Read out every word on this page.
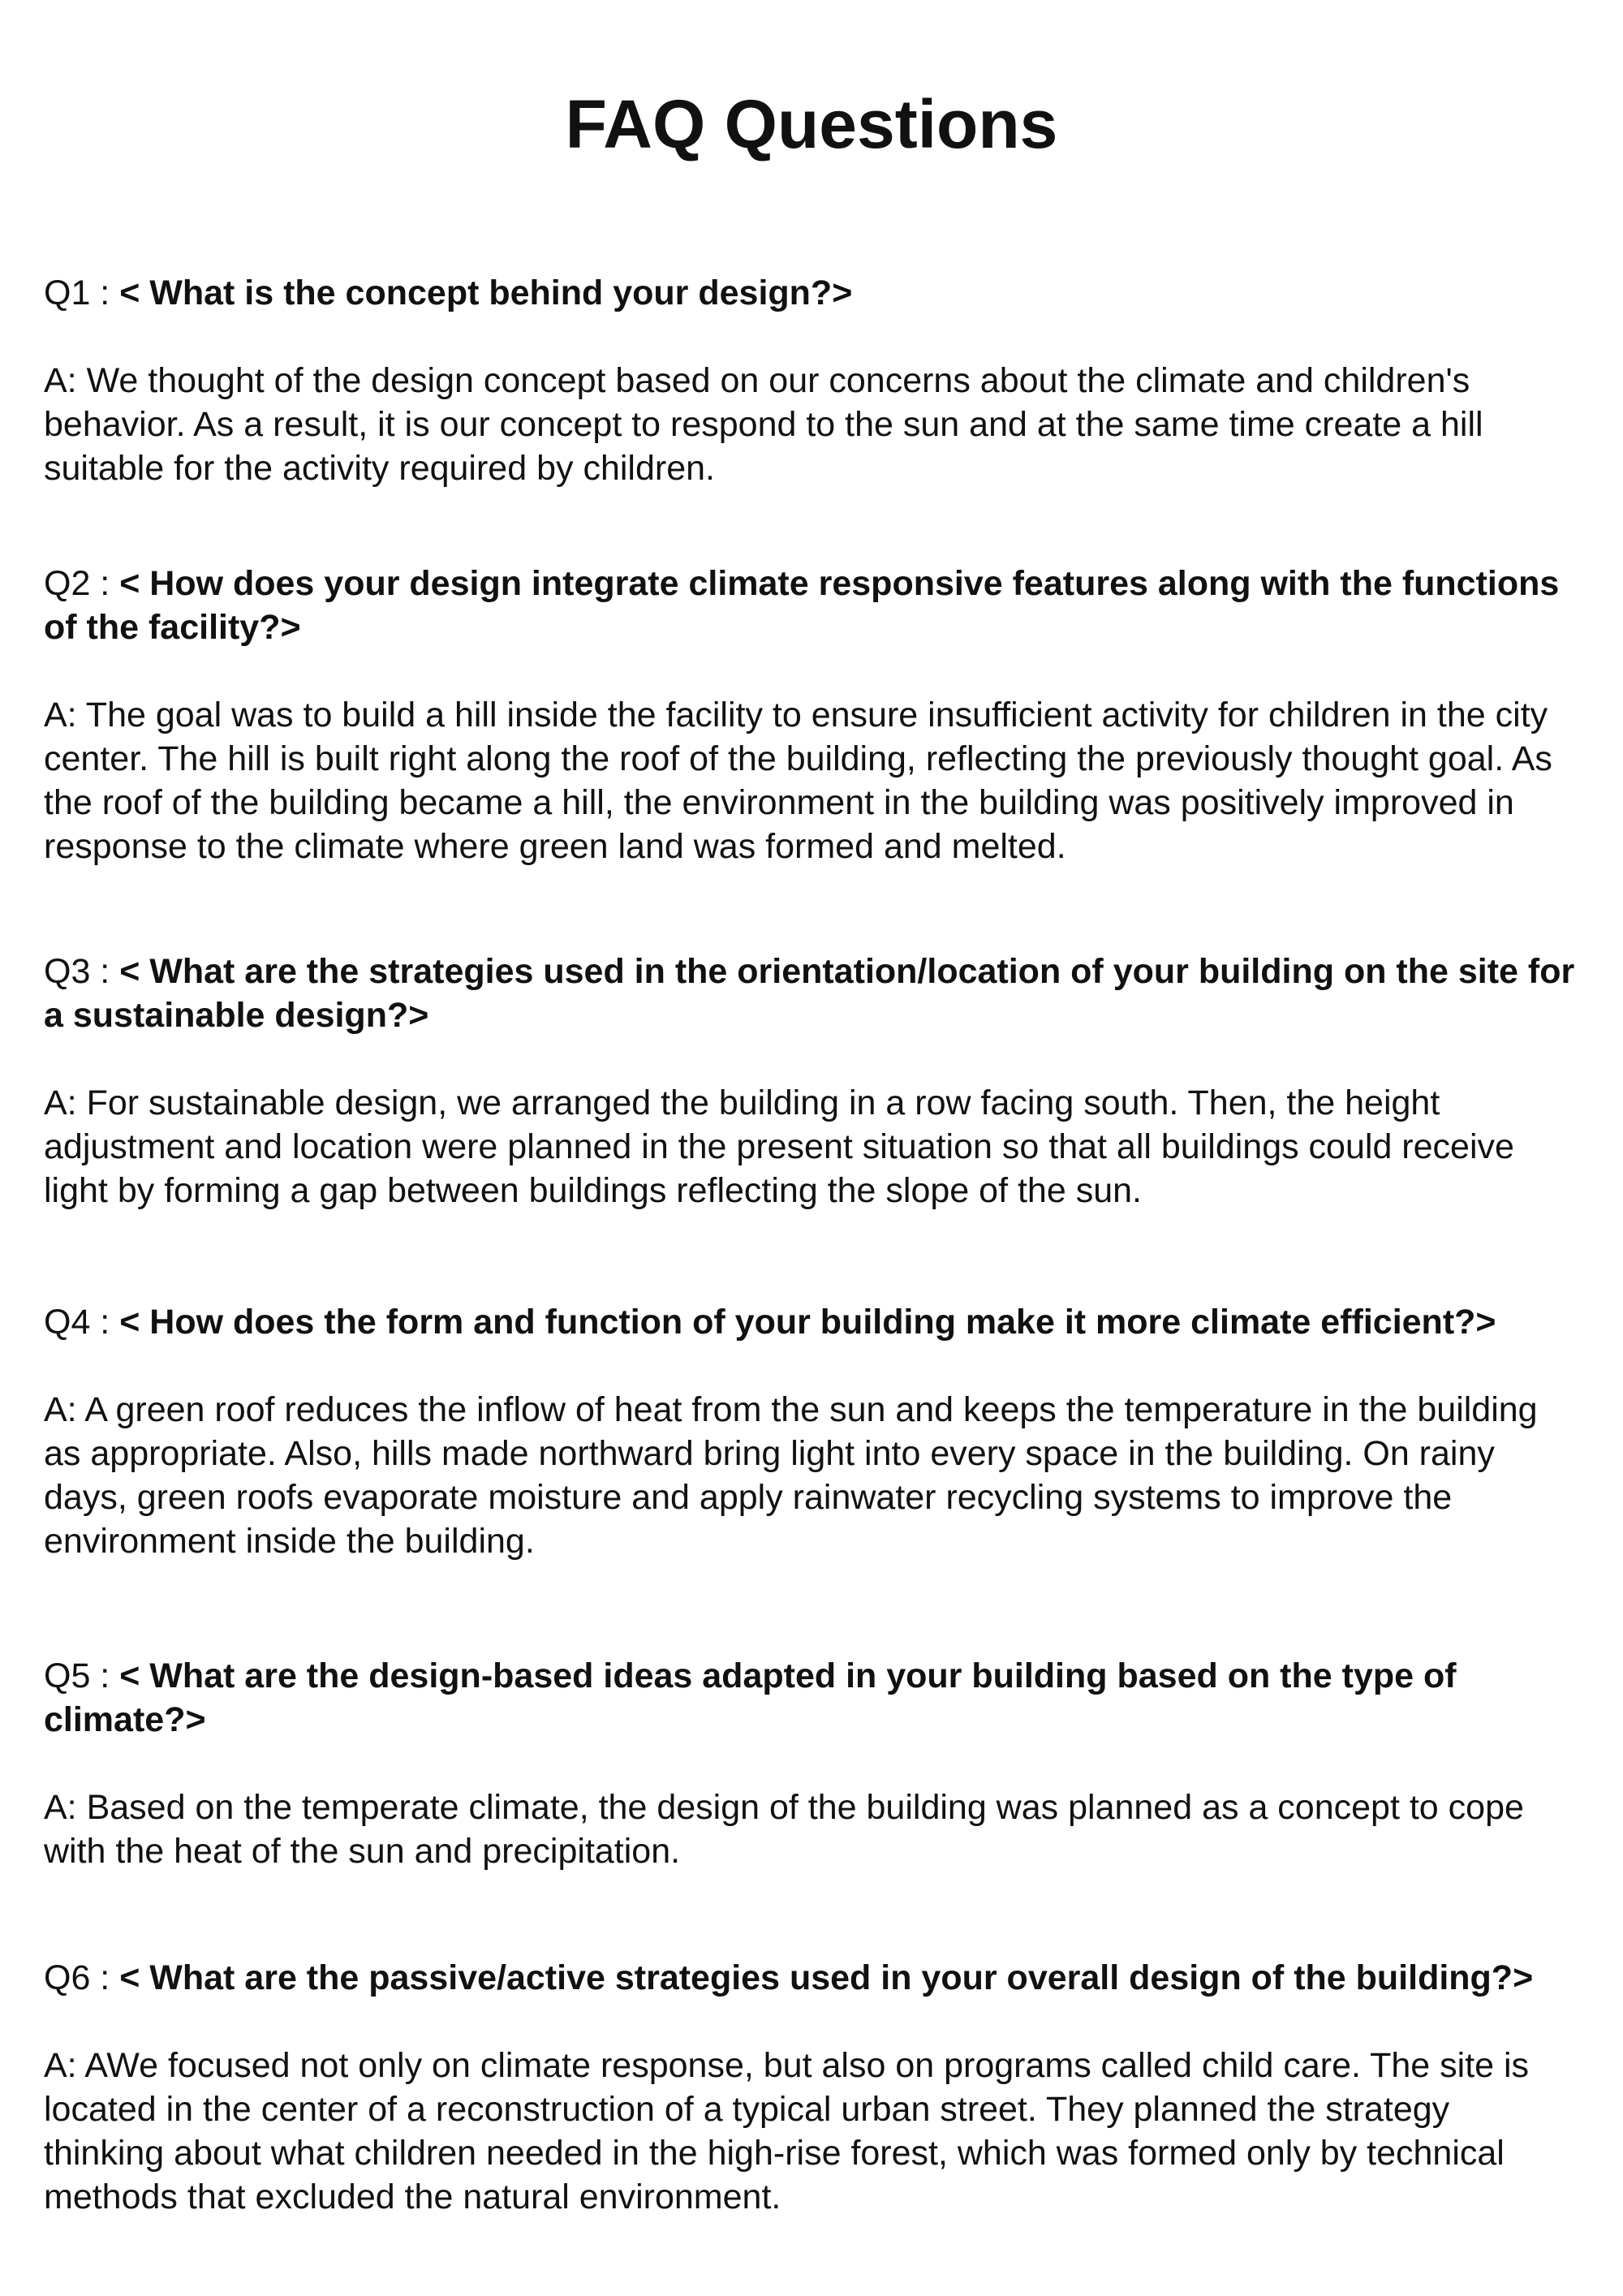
FAQ Questions

Q1 : < What is the concept behind your design?>

A: We thought of the design concept based on our concerns about the climate and children's behavior. As a result, it is our concept to respond to the sun and at the same time create a hill suitable for the activity required by children.

Q2 : < How does your design integrate climate responsive features along with the functions of the facility?>

A: The goal was to build a hill inside the facility to ensure insufficient activity for children in the city center. The hill is built right along the roof of the building, reflecting the previously thought goal. As the roof of the building became a hill, the environment in the building was positively improved in response to the climate where green land was formed and melted.

Q3 : < What are the strategies used in the orientation/location of your building on the site for a sustainable design?>

A: For sustainable design, we arranged the building in a row facing south. Then, the height adjustment and location were planned in the present situation so that all buildings could receive light by forming a gap between buildings reflecting the slope of the sun.

Q4 : < How does the form and function of your building make it more climate efficient?>

A: A green roof reduces the inflow of heat from the sun and keeps the temperature in the building as appropriate. Also, hills made northward bring light into every space in the building. On rainy days, green roofs evaporate moisture and apply rainwater recycling systems to improve the environment inside the building.

Q5 : < What are the design-based ideas adapted in your building based on the type of climate?>

A: Based on the temperate climate, the design of the building was planned as a concept to cope with the heat of the sun and precipitation.

Q6 : < What are the passive/active strategies used in your overall design of the building?>

A: AWe focused not only on climate response, but also on programs called child care. The site is located in the center of a reconstruction of a typical urban street. They planned the strategy thinking about what children needed in the high-rise forest, which was formed only by technical methods that excluded the natural environment.
